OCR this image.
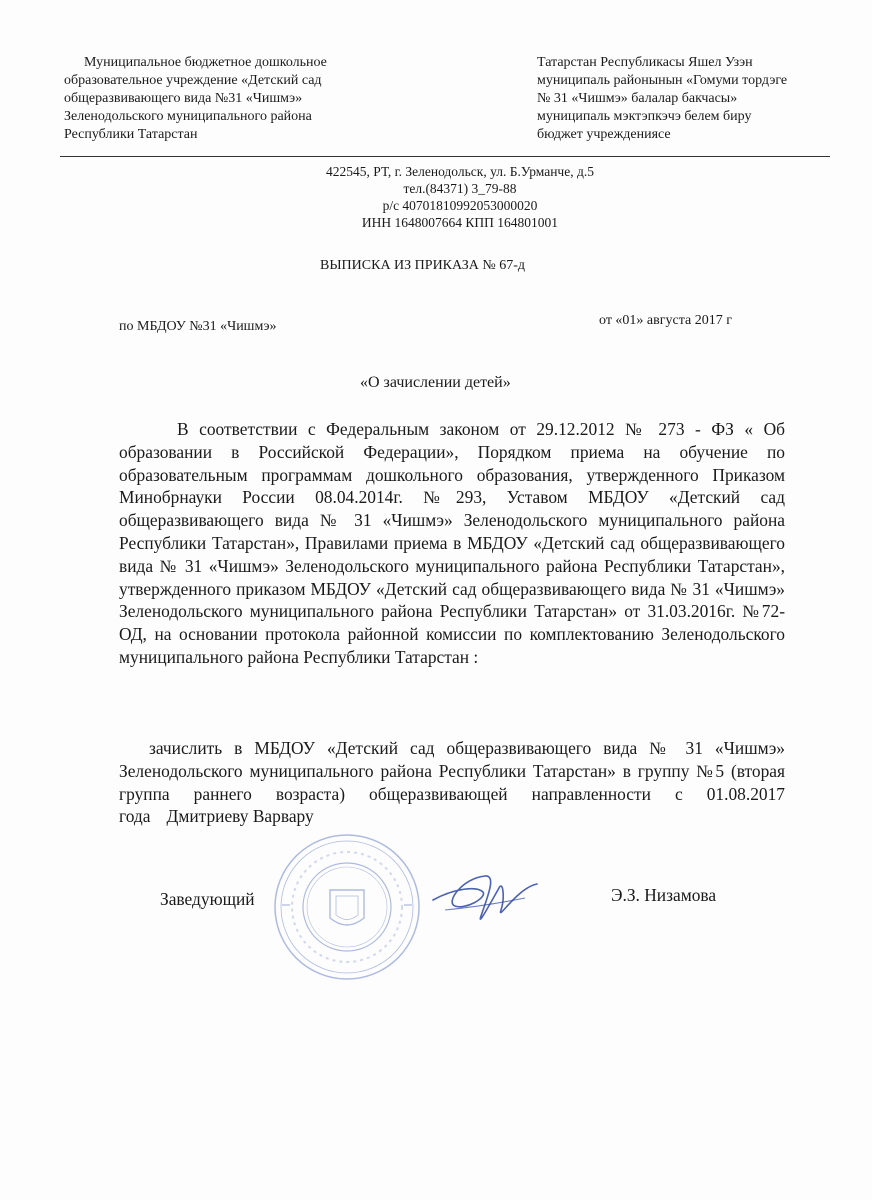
Муниципальное бюджетное дошкольное
образовательное учреждение «Детский сад
общеразвивающего вида №31 «Чишмэ»
Зеленодольского муниципального района
Республики Татарстан
Татарстан Республикасы Яшел Узэн
муниципаль районынын «Гомуми тордэге
№ 31 «Чишмэ» балалар бакчасы»
муниципаль мэктэпкэчэ белем биру
бюджет учреждениясе
422545, РТ, г. Зеленодольск, ул. Б.Урманче, д.5
тел.(84371) 3_79-88
р/с 40701810992053000020
ИНН 1648007664 КПП 164801001
ВЫПИСКА ИЗ ПРИКАЗА № 67-д
по МБДОУ №31 «Чишмэ»	от «01» августа 2017 г
«О зачислении детей»

В соответствии с Федеральным законом от 29.12.2012 № 273 - ФЗ « Об образовании в Российской Федерации», Порядком приема на обучение по образовательным программам дошкольного образования, утвержденного Приказом Минобрнауки России 08.04.2014г. №293, Уставом МБДОУ «Детский сад общеразвивающего вида № 31 «Чишмэ» Зеленодольского муниципального района Республики Татарстан», Правилами приема в МБДОУ «Детский сад общеразвивающего вида № 31 «Чишмэ» Зеленодольского муниципального района Республики Татарстан», утвержденного приказом МБДОУ «Детский сад общеразвивающего вида № 31 «Чишмэ» Зеленодольского муниципального района Республики Татарстан» от 31.03.2016г. №72-ОД, на основании протокола районной комиссии по комплектованию Зеленодольского муниципального района Республики Татарстан :

зачислить в МБДОУ «Детский сад общеразвивающего вида № 31 «Чишмэ» Зеленодольского муниципального района Республики Татарстан» в группу №5 (вторая группа раннего возраста) общеразвивающей направленности с 01.08.2017 года Дмитриеву Варвару

Заведующий	Э.З. Низамова
